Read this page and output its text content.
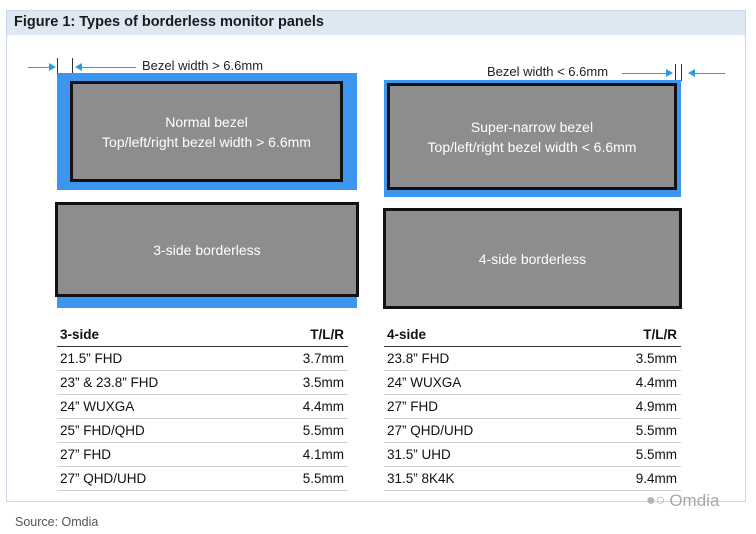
Figure 1: Types of borderless monitor panels
Bezel width > 6.6mm	Bezel width < 6.6mm
Normal bezel
Top/left/right bezel width > 6.6mm
Super-narrow bezel
Top/left/right bezel width < 6.6mm
3-side borderless
4-side borderless
3-side	T/L/R
21.5” FHD	3.7mm
23” & 23.8” FHD	3.5mm
24” WUXGA	4.4mm
25” FHD/QHD	5.5mm
27” FHD	4.1mm
27” QHD/UHD	5.5mm
4-side	T/L/R
23.8” FHD	3.5mm
24” WUXGA	4.4mm
27” FHD	4.9mm
27” QHD/UHD	5.5mm
31.5” UHD	5.5mm
31.5” 8K4K	9.4mm
●○ Omdia
Source: Omdia
